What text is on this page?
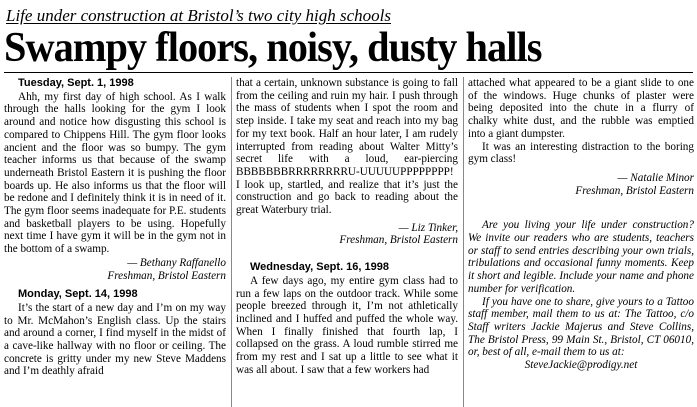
Life under construction at Bristol’s two city high schools
Swampy floors, noisy, dusty halls
Tuesday, Sept. 1, 1998

Ahh, my first day of high school. As I walk through the halls looking for the gym I look around and notice how disgusting this school is compared to Chippens Hill. The gym floor looks ancient and the floor was so bumpy. The gym teacher informs us that because of the swamp underneath Bristol Eastern it is pushing the floor boards up. He also informs us that the floor will be redone and I definitely think it is in need of it. The gym floor seems inadequate for P.E. students and basketball players to be using. Hopefully next time I have gym it will be in the gym not in the bottom of a swamp.

— Bethany Raffanello
Freshman, Bristol Eastern
Monday, Sept. 14, 1998

It’s the start of a new day and I’m on my way to Mr. McMahon’s English class. Up the stairs and around a corner, I find myself in the midst of a cave-like hallway with no floor or ceiling. The concrete is gritty under my new Steve Maddens and I’m deathly afraid

that a certain, unknown substance is going to fall from the ceiling and ruin my hair. I push through the mass of students when I spot the room and step inside. I take my seat and reach into my bag for my text book. Half an hour later, I am rudely interrupted from reading about Walter Mitty’s secret life with a loud, ear-piercing BBBBBBBRRRRRRRRU-UUUUUPPPPPPPP! I look up, startled, and realize that it’s just the construction and go back to reading about the great Waterbury trial.

— Liz Tinker,
Freshman, Bristol Eastern
Wednesday, Sept. 16, 1998

A few days ago, my entire gym class had to run a few laps on the outdoor track. While some people breezed through it, I’m not athletically inclined and I huffed and puffed the whole way. When I finally finished that fourth lap, I collapsed on the grass. A loud rumble stirred me from my rest and I sat up a little to see what it was all about. I saw that a few workers had

attached what appeared to be a giant slide to one of the windows. Huge chunks of plaster were being deposited into the chute in a flurry of chalky white dust, and the rubble was emptied into a giant dumpster.

It was an interesting distraction to the boring gym class!

— Natalie Minor
Freshman, Bristol Eastern

Are you living your life under construction? We invite our readers who are students, teachers or staff to send entries describing your own trials, tribulations and occasional funny moments. Keep it short and legible. Include your name and phone number for verification.

If you have one to share, give yours to a Tattoo staff member, mail them to us at: The Tattoo, c/o Staff writers Jackie Majerus and Steve Collins, The Bristol Press, 99 Main St., Bristol, CT 06010, or, best of all, e-mail them to us at:

SteveJackie@prodigy.net
